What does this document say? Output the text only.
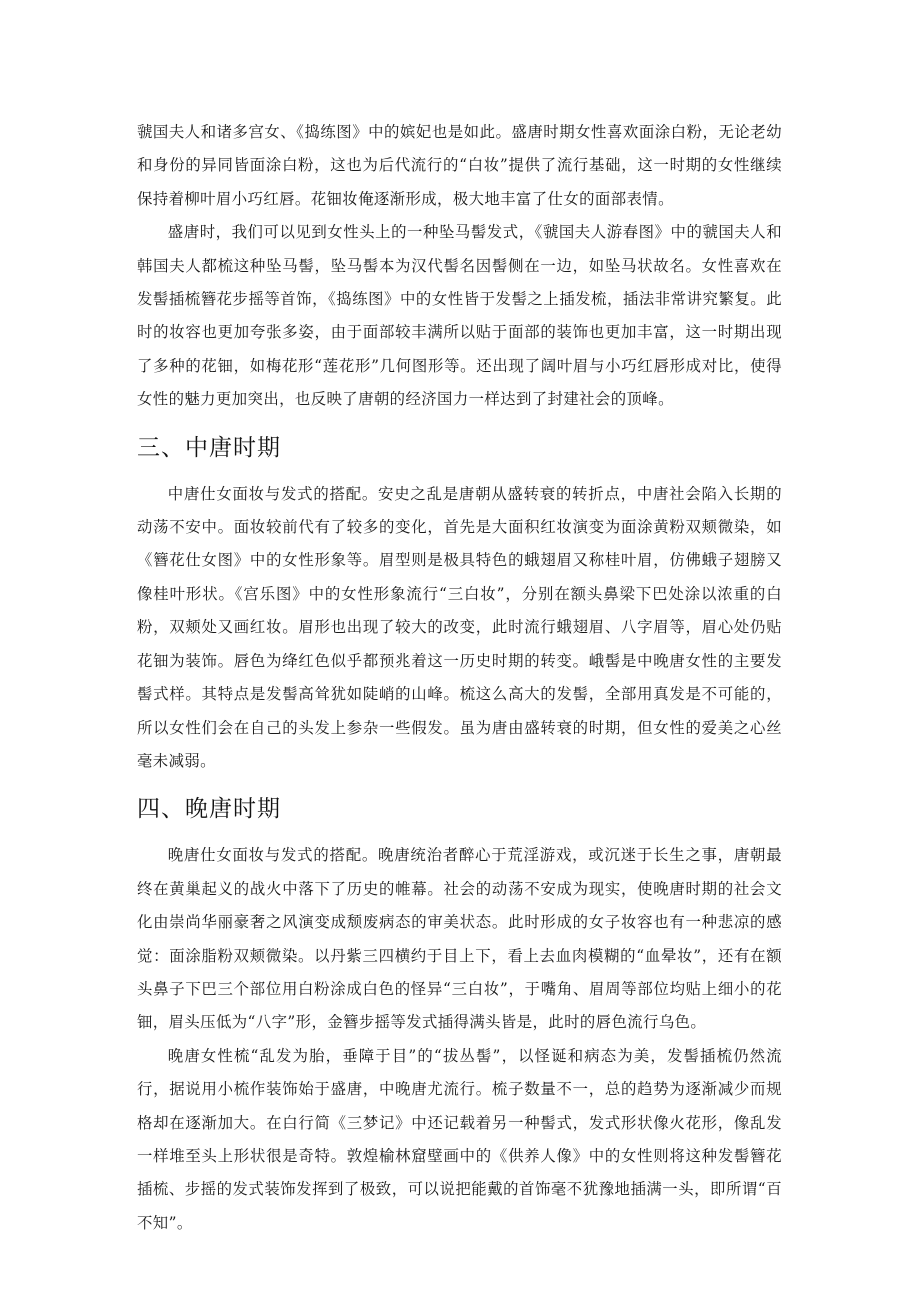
虢国夫人和诸多宫女、《捣练图》中的嫔妃也是如此。盛唐时期女性喜欢面涂白粉，无论老幼和身份的异同皆面涂白粉，这也为后代流行的“白妆”提供了流行基础，这一时期的女性继续保持着柳叶眉小巧红唇。花钿妆俺逐渐形成，极大地丰富了仕女的面部表情。

盛唐时，我们可以见到女性头上的一种坠马髻发式，《虢国夫人游春图》中的虢国夫人和韩国夫人都梳这种坠马髻，坠马髻本为汉代髻名因髻侧在一边，如坠马状故名。女性喜欢在发髻插梳簪花步摇等首饰，《捣练图》中的女性皆于发髻之上插发梳，插法非常讲究繁复。此时的妆容也更加夸张多姿，由于面部较丰满所以贴于面部的装饰也更加丰富，这一时期出现了多种的花钿，如梅花形“莲花形”几何图形等。还出现了阔叶眉与小巧红唇形成对比，使得女性的魅力更加突出，也反映了唐朝的经济国力一样达到了封建社会的顶峰。

三、中唐时期

中唐仕女面妆与发式的搭配。安史之乱是唐朝从盛转衰的转折点，中唐社会陷入长期的动荡不安中。面妆较前代有了较多的变化，首先是大面积红妆演变为面涂黄粉双颊微染，如《簪花仕女图》中的女性形象等。眉型则是极具特色的蛾翅眉又称桂叶眉，仿佛蛾子翅膀又像桂叶形状。《宫乐图》中的女性形象流行“三白妆”，分别在额头鼻梁下巴处涂以浓重的白粉，双颊处又画红妆。眉形也出现了较大的改变，此时流行蛾翅眉、八字眉等，眉心处仍贴花钿为装饰。唇色为绛红色似乎都预兆着这一历史时期的转变。峨髻是中晚唐女性的主要发髻式样。其特点是发髻高耸犹如陡峭的山峰。梳这么高大的发髻，全部用真发是不可能的，所以女性们会在自己的头发上参杂一些假发。虽为唐由盛转衰的时期，但女性的爱美之心丝毫未减弱。

四、晚唐时期

晚唐仕女面妆与发式的搭配。晚唐统治者醉心于荒淫游戏，或沉迷于长生之事，唐朝最终在黄巢起义的战火中落下了历史的帷幕。社会的动荡不安成为现实，使晚唐时期的社会文化由崇尚华丽豪奢之风演变成颓废病态的审美状态。此时形成的女子妆容也有一种悲凉的感觉：面涂脂粉双颊微染。以丹紫三四横约于目上下，看上去血肉模糊的“血晕妆”，还有在额头鼻子下巴三个部位用白粉涂成白色的怪异“三白妆”，于嘴角、眉周等部位均贴上细小的花钿，眉头压低为“八字”形，金簪步摇等发式插得满头皆是，此时的唇色流行乌色。

晚唐女性梳“乱发为胎，垂障于目”的“拔丛髻”，以怪诞和病态为美，发髻插梳仍然流行，据说用小梳作装饰始于盛唐，中晚唐尤流行。梳子数量不一，总的趋势为逐渐减少而规格却在逐渐加大。在白行简《三梦记》中还记载着另一种髻式，发式形状像火花形，像乱发一样堆至头上形状很是奇特。敦煌榆林窟壁画中的《供养人像》中的女性则将这种发髻簪花插梳、步摇的发式装饰发挥到了极致，可以说把能戴的首饰毫不犹豫地插满一头，即所谓“百不知”。
